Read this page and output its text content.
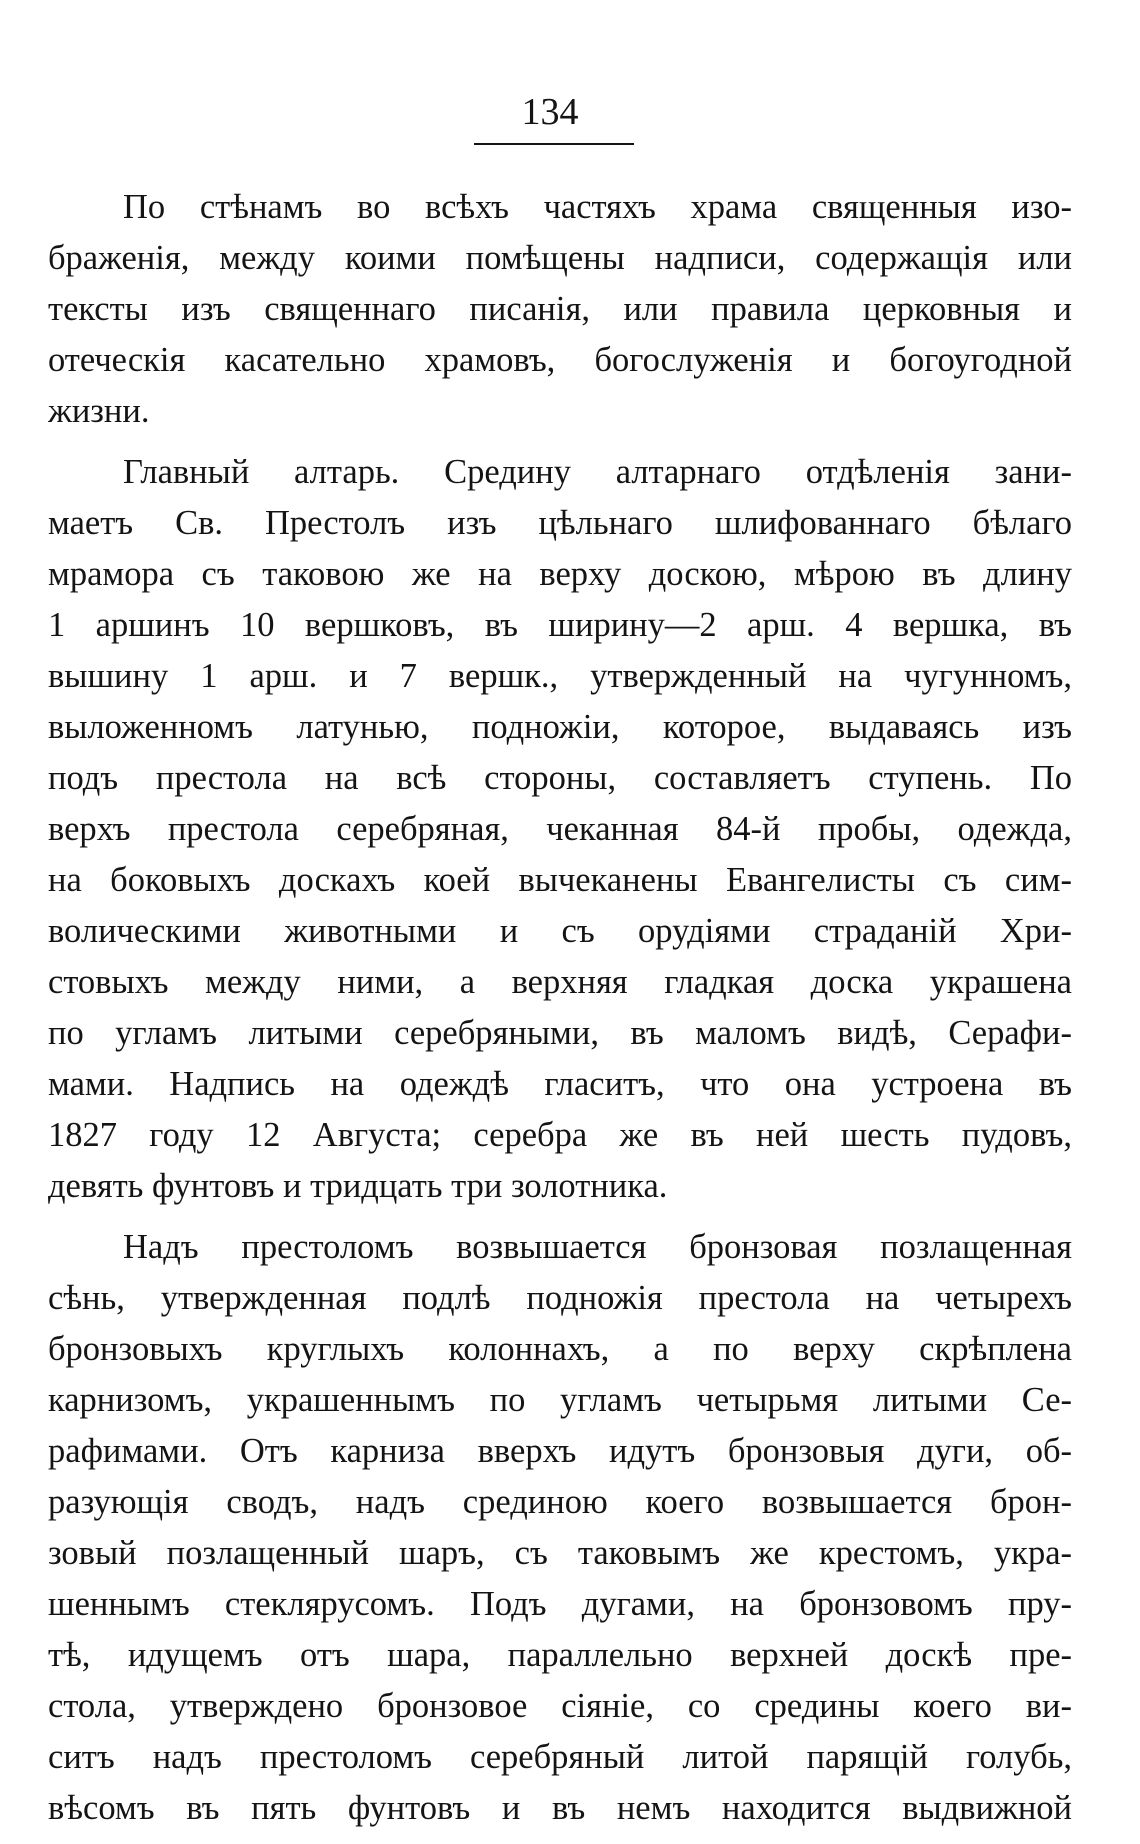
134
По стѣнамъ во всѣхъ частяхъ храма священныя изо-
браженія, между коими помѣщены надписи, содержащія или
тексты изъ священнаго писанія, или правила церковныя и
отеческія касательно храмовъ, богослуженія и богоугодной
жизни.
Главный алтарь. Средину алтарнаго отдѣленія зани-
маетъ Св. Престолъ изъ цѣльнаго шлифованнаго бѣлаго
мрамора съ таковою же на верху доскою, мѣрою въ длину
1 аршинъ 10 вершковъ, въ ширину—2 арш. 4 вершка, въ
вышину 1 арш. и 7 вершк., утвержденный на чугунномъ,
выложенномъ латунью, подножіи, которое, выдаваясь изъ
подъ престола на всѣ стороны, составляетъ ступень. По
верхъ престола серебряная, чеканная 84-й пробы, одежда,
на боковыхъ доскахъ коей вычеканены Евангелисты съ сим-
волическими животными и съ орудіями страданій Хри-
стовыхъ между ними, а верхняя гладкая доска украшена
по угламъ литыми серебряными, въ маломъ видѣ, Серафи-
мами. Надпись на одеждѣ гласитъ, что она устроена въ
1827 году 12 Августа; серебра же въ ней шесть пудовъ,
девять фунтовъ и тридцать три золотника.
Надъ престоломъ возвышается бронзовая позлащенная
сѣнь, утвержденная подлѣ подножія престола на четырехъ
бронзовыхъ круглыхъ колоннахъ, а по верху скрѣплена
карнизомъ, украшеннымъ по угламъ четырьмя литыми Се-
рафимами. Отъ карниза вверхъ идутъ бронзовыя дуги, об-
разующія сводъ, надъ срединою коего возвышается брон-
зовый позлащенный шаръ, съ таковымъ же крестомъ, укра-
шеннымъ стеклярусомъ. Подъ дугами, на бронзовомъ пру-
тѣ, идущемъ отъ шара, параллельно верхней доскѣ пре-
стола, утверждено бронзовое сіяніе, со средины коего ви-
ситъ надъ престоломъ серебряный литой парящій голубь,
вѣсомъ въ пять фунтовъ и въ немъ находится выдвижной
